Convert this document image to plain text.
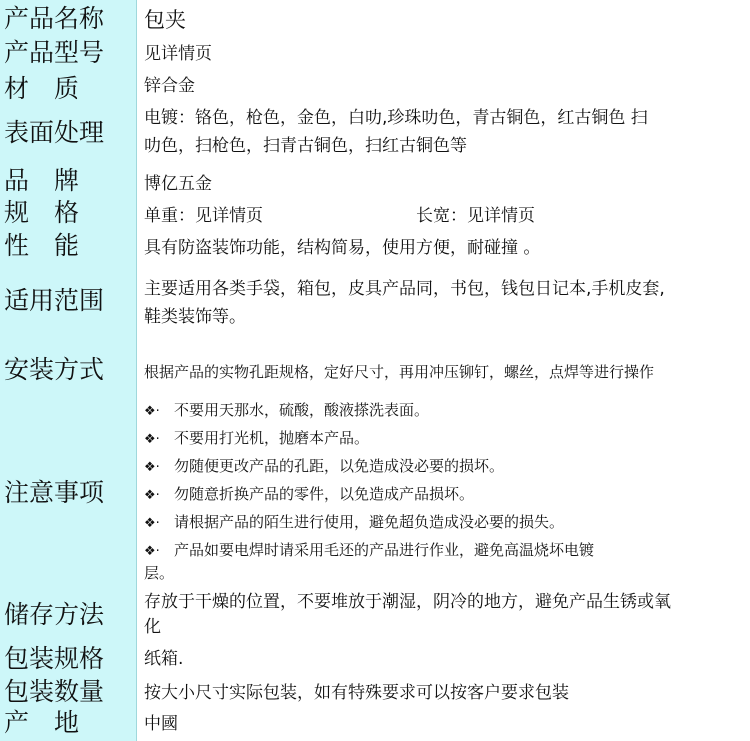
产品名称 包夹
产品型号 见详情页
材　质	锌合金
表面处理 电镀：铬色，枪色，金色，白叻,珍珠叻色，青古铜色，红古铜色 扫
叻色，扫枪色，扫青古铜色，扫红古铜色等
品　牌	博亿五金
规　格	单重：见详情页	长宽：见详情页
性　能	具有防盗装饰功能，结构简易，使用方便，耐碰撞 。
适用范围 主要适用各类手袋，箱包，皮具产品同，书包，钱包日记本,手机皮套,
鞋类装饰等。
安装方式	根据产品的实物孔距规格，定好尺寸，再用冲压铆钉，螺丝，点焊等进行操作
注意事项
❖· 不要用天那水，硫酸，酸液搽洗表面。
❖· 不要用打光机，抛磨本产品。
❖· 勿随便更改产品的孔距，以免造成没必要的损坏。
❖· 勿随意折换产品的零件，以免造成产品损坏。
❖· 请根据产品的陌生进行使用，避免超负造成没必要的损失。
❖· 产品如要电焊时请采用毛还的产品进行作业，避免高温烧坏电镀
层。
储存方法 存放于干燥的位置，不要堆放于潮湿，阴冷的地方，避免产品生锈或氧
化
包装规格 纸箱.
包装数量 按大小尺寸实际包装，如有特殊要求可以按客户要求包装
产　地	中國
